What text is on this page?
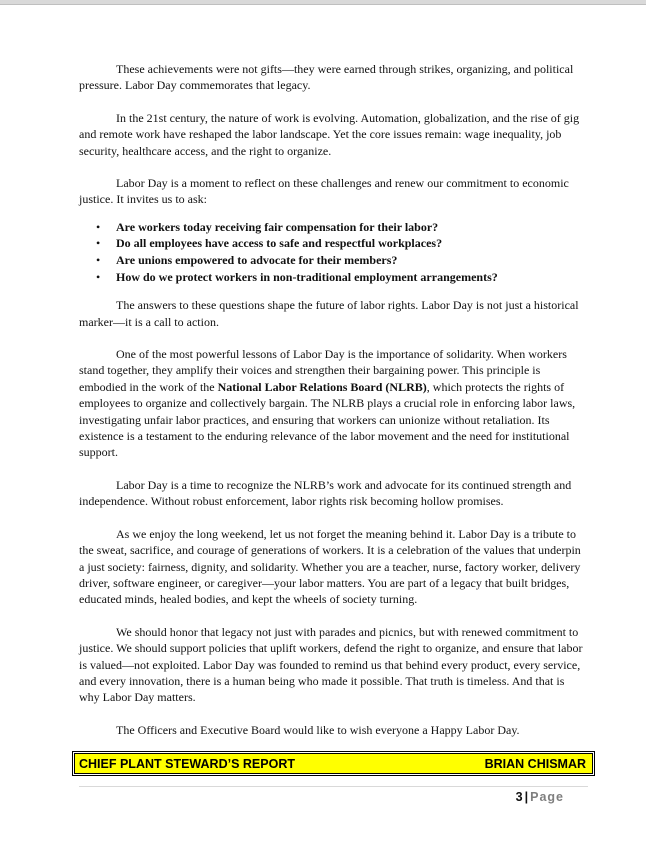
These achievements were not gifts—they were earned through strikes, organizing, and political pressure. Labor Day commemorates that legacy.

In the 21st century, the nature of work is evolving. Automation, globalization, and the rise of gig and remote work have reshaped the labor landscape. Yet the core issues remain: wage inequality, job security, healthcare access, and the right to organize.

Labor Day is a moment to reflect on these challenges and renew our commitment to economic justice. It invites us to ask:

• Are workers today receiving fair compensation for their labor?
• Do all employees have access to safe and respectful workplaces?
• Are unions empowered to advocate for their members?
• How do we protect workers in non-traditional employment arrangements?

The answers to these questions shape the future of labor rights. Labor Day is not just a historical marker—it is a call to action.

One of the most powerful lessons of Labor Day is the importance of solidarity. When workers stand together, they amplify their voices and strengthen their bargaining power. This principle is embodied in the work of the National Labor Relations Board (NLRB), which protects the rights of employees to organize and collectively bargain. The NLRB plays a crucial role in enforcing labor laws, investigating unfair labor practices, and ensuring that workers can unionize without retaliation. Its existence is a testament to the enduring relevance of the labor movement and the need for institutional support.

Labor Day is a time to recognize the NLRB’s work and advocate for its continued strength and independence. Without robust enforcement, labor rights risk becoming hollow promises.

As we enjoy the long weekend, let us not forget the meaning behind it. Labor Day is a tribute to the sweat, sacrifice, and courage of generations of workers. It is a celebration of the values that underpin a just society: fairness, dignity, and solidarity. Whether you are a teacher, nurse, factory worker, delivery driver, software engineer, or caregiver—your labor matters. You are part of a legacy that built bridges, educated minds, healed bodies, and kept the wheels of society turning.

We should honor that legacy not just with parades and picnics, but with renewed commitment to justice. We should support policies that uplift workers, defend the right to organize, and ensure that labor is valued—not exploited. Labor Day was founded to remind us that behind every product, every service, and every innovation, there is a human being who made it possible. That truth is timeless. And that is why Labor Day matters.

The Officers and Executive Board would like to wish everyone a Happy Labor Day.

CHIEF PLANT STEWARD’S REPORT	BRIAN CHISMAR
3 | Page
